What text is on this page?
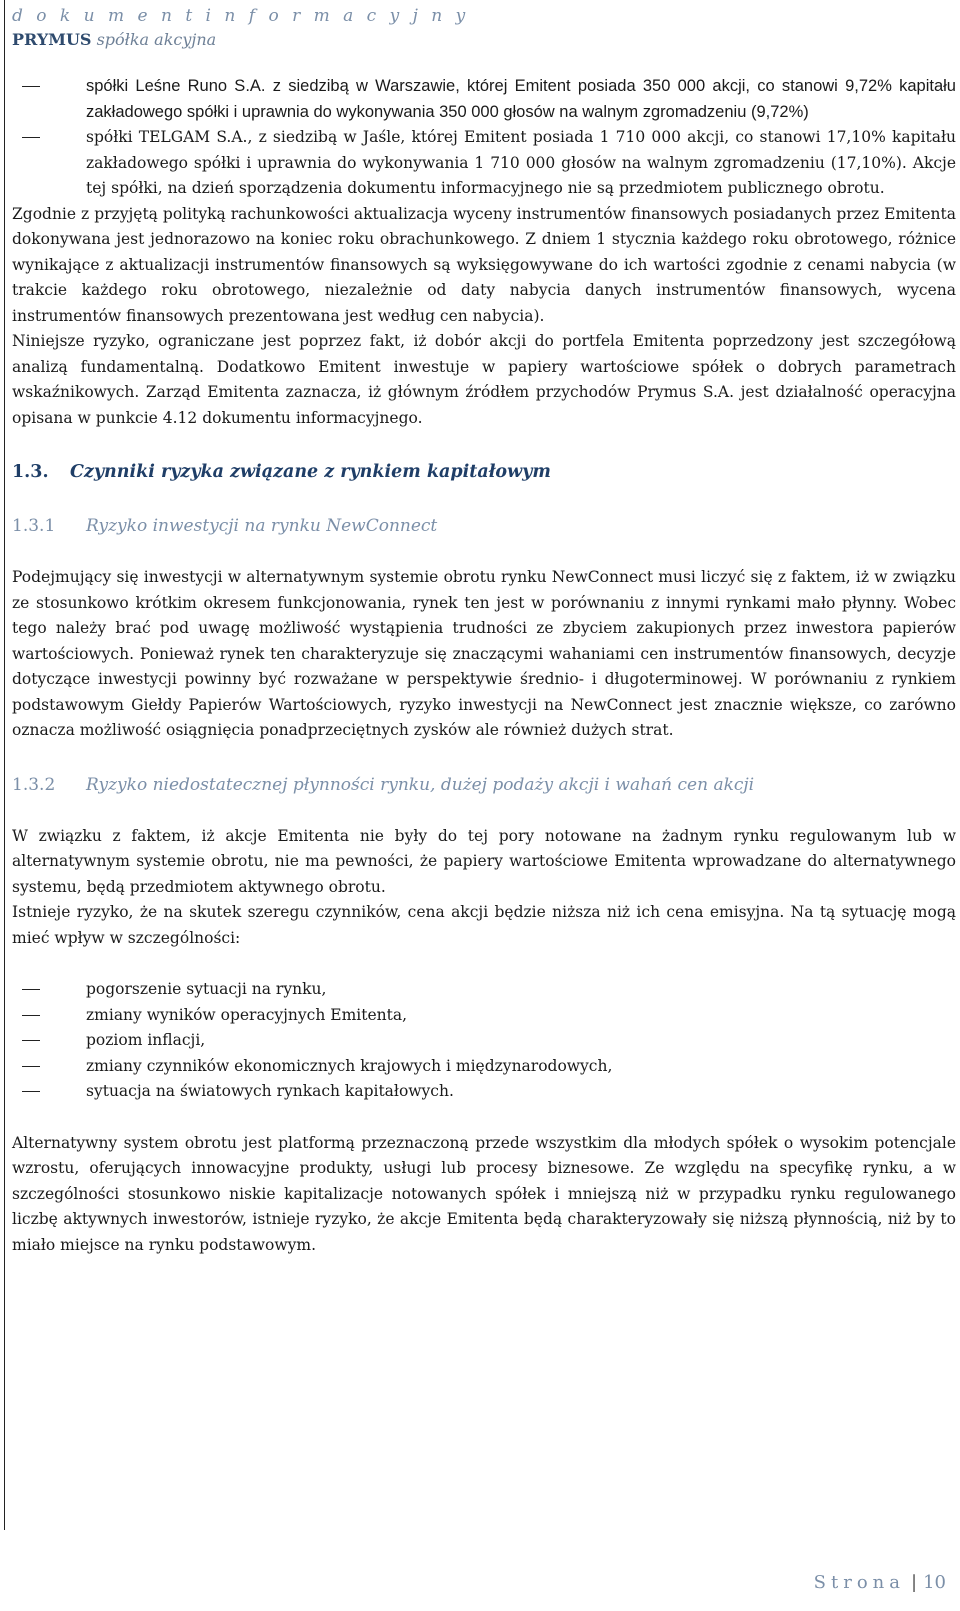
d o k u m e n t i n f o r m a c y j n y
PRYMUS spółka akcyjna
spółki Leśne Runo S.A. z siedzibą w Warszawie, której Emitent posiada 350 000 akcji, co stanowi 9,72% kapitału zakładowego spółki i uprawnia do wykonywania 350 000 głosów na walnym zgromadzeniu (9,72%)
spółki TELGAM S.A., z siedzibą w Jaśle, której Emitent posiada 1 710 000 akcji, co stanowi 17,10% kapitału zakładowego spółki i uprawnia do wykonywania 1 710 000 głosów na walnym zgromadzeniu (17,10%). Akcje tej spółki, na dzień sporządzenia dokumentu informacyjnego nie są przedmiotem publicznego obrotu.

Zgodnie z przyjętą polityką rachunkowości aktualizacja wyceny instrumentów finansowych posiadanych przez Emitenta dokonywana jest jednorazowo na koniec roku obrachunkowego. Z dniem 1 stycznia każdego roku obrotowego, różnice wynikające z aktualizacji instrumentów finansowych są wyksięgowywane do ich wartości zgodnie z cenami nabycia (w trakcie każdego roku obrotowego, niezależnie od daty nabycia danych instrumentów finansowych, wycena instrumentów finansowych prezentowana jest według cen nabycia).

Niniejsze ryzyko, ograniczane jest poprzez fakt, iż dobór akcji do portfela Emitenta poprzedzony jest szczegółową analizą fundamentalną. Dodatkowo Emitent inwestuje w papiery wartościowe spółek o dobrych parametrach wskaźnikowych. Zarząd Emitenta zaznacza, iż głównym źródłem przychodów Prymus S.A. jest działalność operacyjna opisana w punkcie 4.12 dokumentu informacyjnego.

1.3. Czynniki ryzyka związane z rynkiem kapitałowym
1.3.1 Ryzyko inwestycji na rynku NewConnect

Podejmujący się inwestycji w alternatywnym systemie obrotu rynku NewConnect musi liczyć się z faktem, iż w związku ze stosunkowo krótkim okresem funkcjonowania, rynek ten jest w porównaniu z innymi rynkami mało płynny. Wobec tego należy brać pod uwagę możliwość wystąpienia trudności ze zbyciem zakupionych przez inwestora papierów wartościowych. Ponieważ rynek ten charakteryzuje się znaczącymi wahaniami cen instrumentów finansowych, decyzje dotyczące inwestycji powinny być rozważane w perspektywie średnio- i długoterminowej. W porównaniu z rynkiem podstawowym Giełdy Papierów Wartościowych, ryzyko inwestycji na NewConnect jest znacznie większe, co zarówno oznacza możliwość osiągnięcia ponadprzeciętnych zysków ale również dużych strat.

1.3.2 Ryzyko niedostatecznej płynności rynku, dużej podaży akcji i wahań cen akcji

W związku z faktem, iż akcje Emitenta nie były do tej pory notowane na żadnym rynku regulowanym lub w alternatywnym systemie obrotu, nie ma pewności, że papiery wartościowe Emitenta wprowadzane do alternatywnego systemu, będą przedmiotem aktywnego obrotu.

Istnieje ryzyko, że na skutek szeregu czynników, cena akcji będzie niższa niż ich cena emisyjna. Na tą sytuację mogą mieć wpływ w szczególności:

pogorszenie sytuacji na rynku,
zmiany wyników operacyjnych Emitenta,
poziom inflacji,
zmiany czynników ekonomicznych krajowych i międzynarodowych,
sytuacja na światowych rynkach kapitałowych.

Alternatywny system obrotu jest platformą przeznaczoną przede wszystkim dla młodych spółek o wysokim potencjale wzrostu, oferujących innowacyjne produkty, usługi lub procesy biznesowe. Ze względu na specyfikę rynku, a w szczególności stosunkowo niskie kapitalizacje notowanych spółek i mniejszą niż w przypadku rynku regulowanego liczbę aktywnych inwestorów, istnieje ryzyko, że akcje Emitenta będą charakteryzowały się niższą płynnością, niż by to miało miejsce na rynku podstawowym.

Strona | 10
